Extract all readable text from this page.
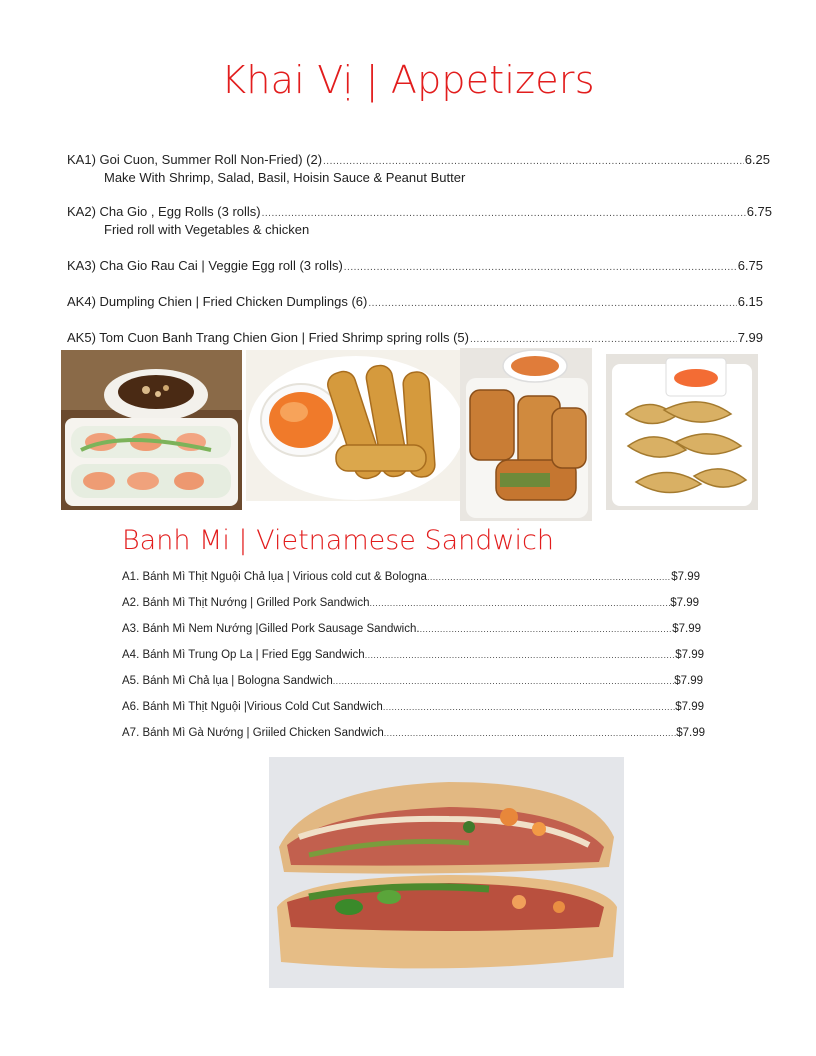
Khai Vị | Appetizers
KA1) Goi Cuon, Summer Roll Non-Fried) (2) .....	6.25
Make With Shrimp, Salad, Basil, Hoisin Sauce & Peanut Butter
KA2) Cha Gio , Egg Rolls (3 rolls) .....	6.75
Fried roll with Vegetables & chicken
KA3) Cha Gio Rau Cai | Veggie Egg roll (3 rolls) .....	6.75
AK4) Dumpling Chien | Fried Chicken Dumplings (6) .....	6.15
AK5) Tom Cuon Banh Trang Chien Gion | Fried Shrimp spring rolls (5) .....	7.99
Banh Mi | Vietnamese Sandwich
A1. Bánh Mì Thịt Nguội Chả lụa | Virious cold cut & Bologna .....	$7.99
A2. Bánh Mì Thịt Nướng | Grilled Pork Sandwich .....	$7.99
A3. Bánh Mì Nem Nướng |Gilled Pork Sausage Sandwich. .....	$7.99
A4. Bánh Mì Trung Op La | Fried Egg Sandwich .....	$7.99
A5. Bánh Mì Chả lụa | Bologna Sandwich .....	$7.99
A6. Bánh Mì Thịt Nguội |Virious Cold Cut Sandwich .....	$7.99
A7. Bánh Mì Gà Nướng | Griiled Chicken Sandwich .....	$7.99
